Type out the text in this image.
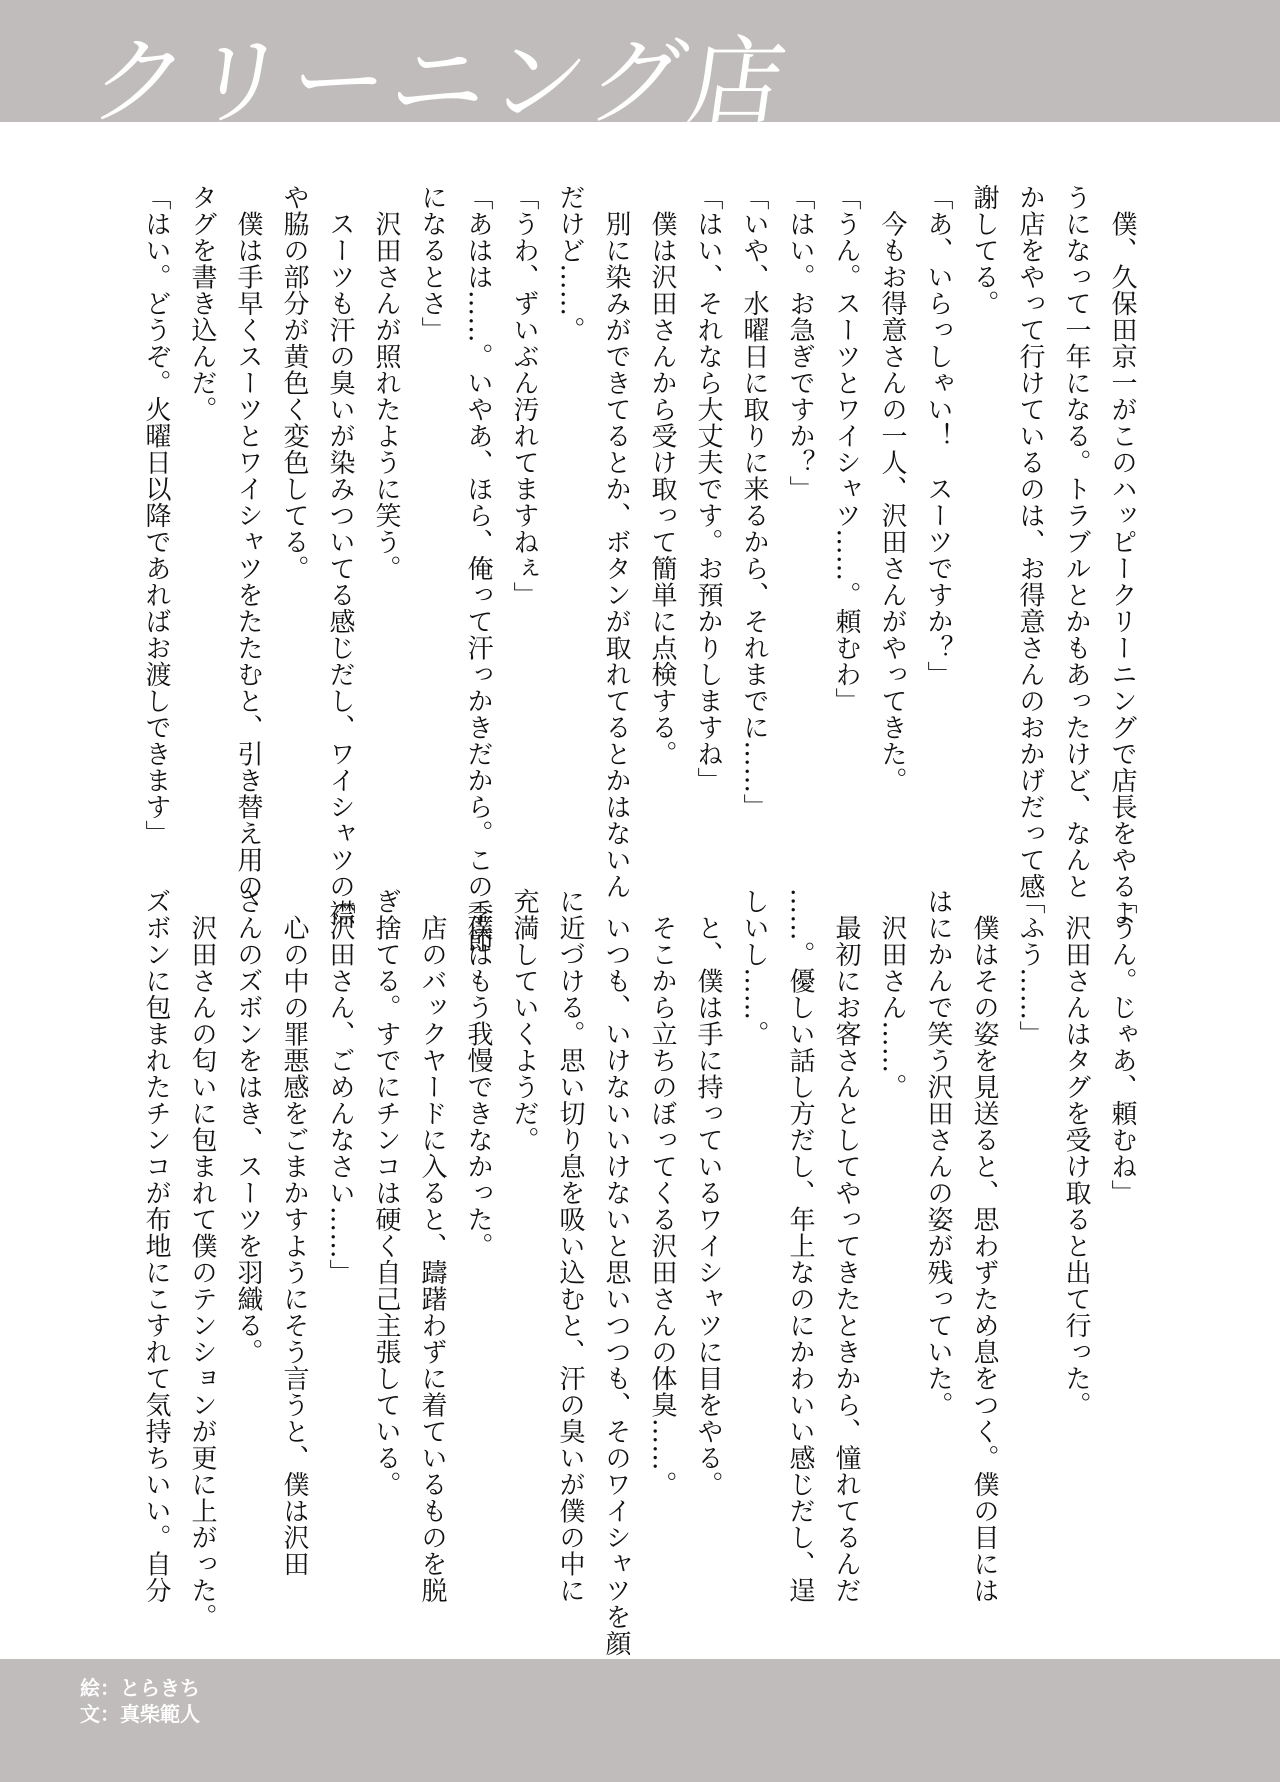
クリーニング店

　僕、久保田京一がこのハッピークリーニングで店長をやるよ

うになって一年になる。トラブルとかもあったけど、なんと

か店をやって行けているのは、お得意さんのおかげだって感

謝してる。

「あ、いらっしゃい！　スーツですか？」

　今もお得意さんの一人、沢田さんがやってきた。

「うん。スーツとワイシャツ……。頼むわ」

「はい。お急ぎですか？」

「いや、水曜日に取りに来るから、それまでに……」

「はい、それなら大丈夫です。お預かりしますね」

　僕は沢田さんから受け取って簡単に点検する。

　別に染みができてるとか、ボタンが取れてるとかはないん

だけど……。

「うわ、ずいぶん汚れてますねぇ」

「あはは……。いやあ、ほら、俺って汗っかきだから。この季節

になるとさ」

　沢田さんが照れたように笑う。

　スーツも汗の臭いが染みついてる感じだし、ワイシャツの襟

や脇の部分が黄色く変色してる。

　僕は手早くスーツとワイシャツをたたむと、引き替え用の

タグを書き込んだ。

「はい。どうぞ。火曜日以降であればお渡しできます」

「うん。じゃあ、頼むね」

　沢田さんはタグを受け取ると出て行った。

「ふう……」

　僕はその姿を見送ると、思わずため息をつく。僕の目には

はにかんで笑う沢田さんの姿が残っていた。

　沢田さん……。

　最初にお客さんとしてやってきたときから、憧れてるんだ

……。優しい話し方だし、年上なのにかわいい感じだし、逞

しいし……。

　と、僕は手に持っているワイシャツに目をやる。

　そこから立ちのぼってくる沢田さんの体臭……。

　いつも、いけないいけないと思いつつも、そのワイシャツを顔

に近づける。思い切り息を吸い込むと、汗の臭いが僕の中に

充満していくようだ。

　僕はもう我慢できなかった。

　店のバックヤードに入ると、躊躇わずに着ているものを脱

ぎ捨てる。すでにチンコは硬く自己主張している。

「沢田さん、ごめんなさい……」

　心の中の罪悪感をごまかすようにそう言うと、僕は沢田

さんのズボンをはき、スーツを羽織る。

　沢田さんの匂いに包まれて僕のテンションが更に上がった。

ズボンに包まれたチンコが布地にこすれて気持ちいい。自分

絵：とらきち
文：真柴範人
